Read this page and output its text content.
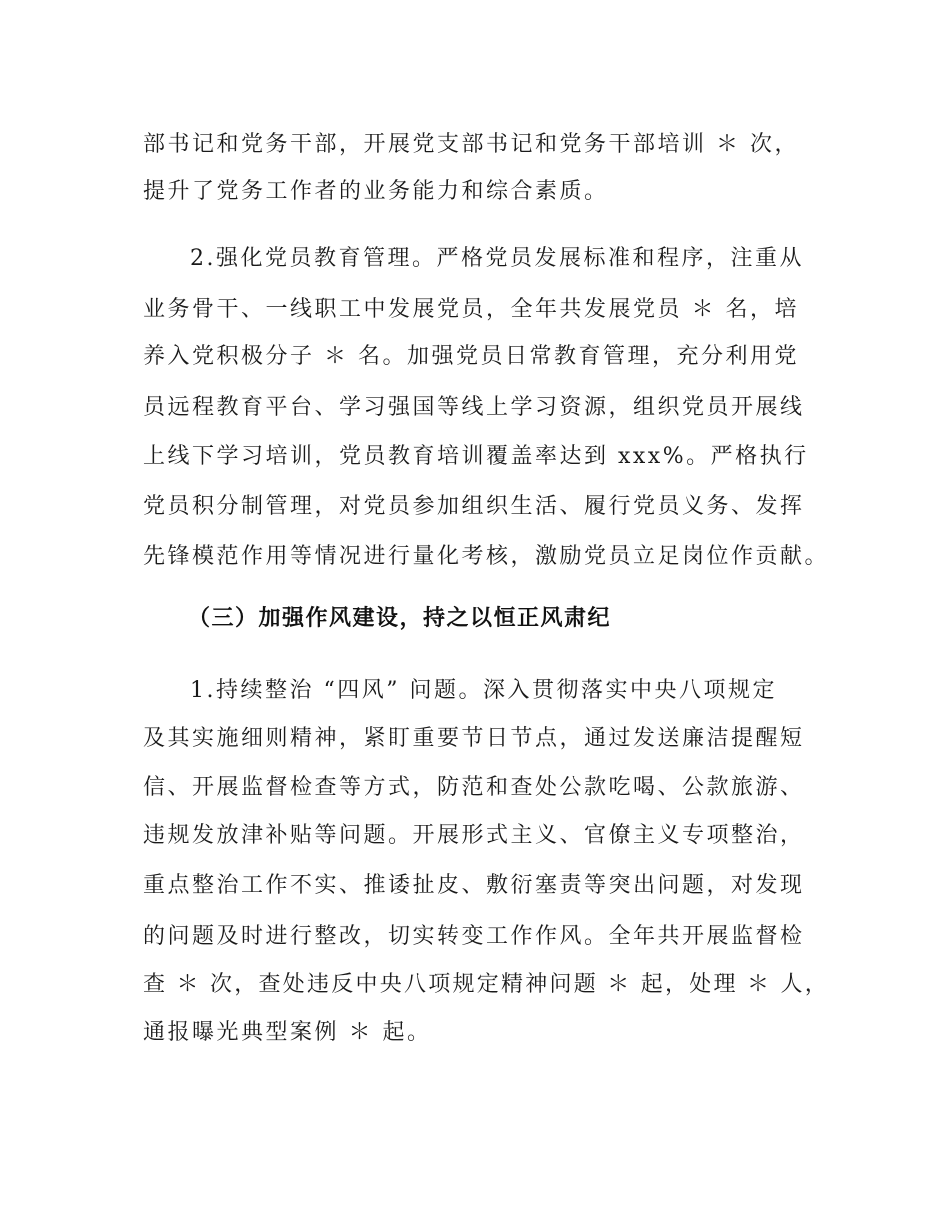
部书记和党务干部，开展党支部书记和党务干部培训 ＊ 次，

提升了党务工作者的业务能力和综合素质。

2.强化党员教育管理。严格党员发展标准和程序，注重从

业务骨干、一线职工中发展党员，全年共发展党员 ＊ 名，培

养入党积极分子 ＊ 名。加强党员日常教育管理，充分利用党

员远程教育平台、学习强国等线上学习资源，组织党员开展线

上线下学习培训，党员教育培训覆盖率达到 xxx%。严格执行

党员积分制管理，对党员参加组织生活、履行党员义务、发挥

先锋模范作用等情况进行量化考核，激励党员立足岗位作贡献。

（三）加强作风建设，持之以恒正风肃纪

1.持续整治 “四风” 问题。深入贯彻落实中央八项规定

及其实施细则精神，紧盯重要节日节点，通过发送廉洁提醒短

信、开展监督检查等方式，防范和查处公款吃喝、公款旅游、

违规发放津补贴等问题。开展形式主义、官僚主义专项整治，

重点整治工作不实、推诿扯皮、敷衍塞责等突出问题，对发现

的问题及时进行整改，切实转变工作作风。全年共开展监督检

查 ＊ 次，查处违反中央八项规定精神问题 ＊ 起，处理 ＊ 人，

通报曝光典型案例 ＊ 起。
